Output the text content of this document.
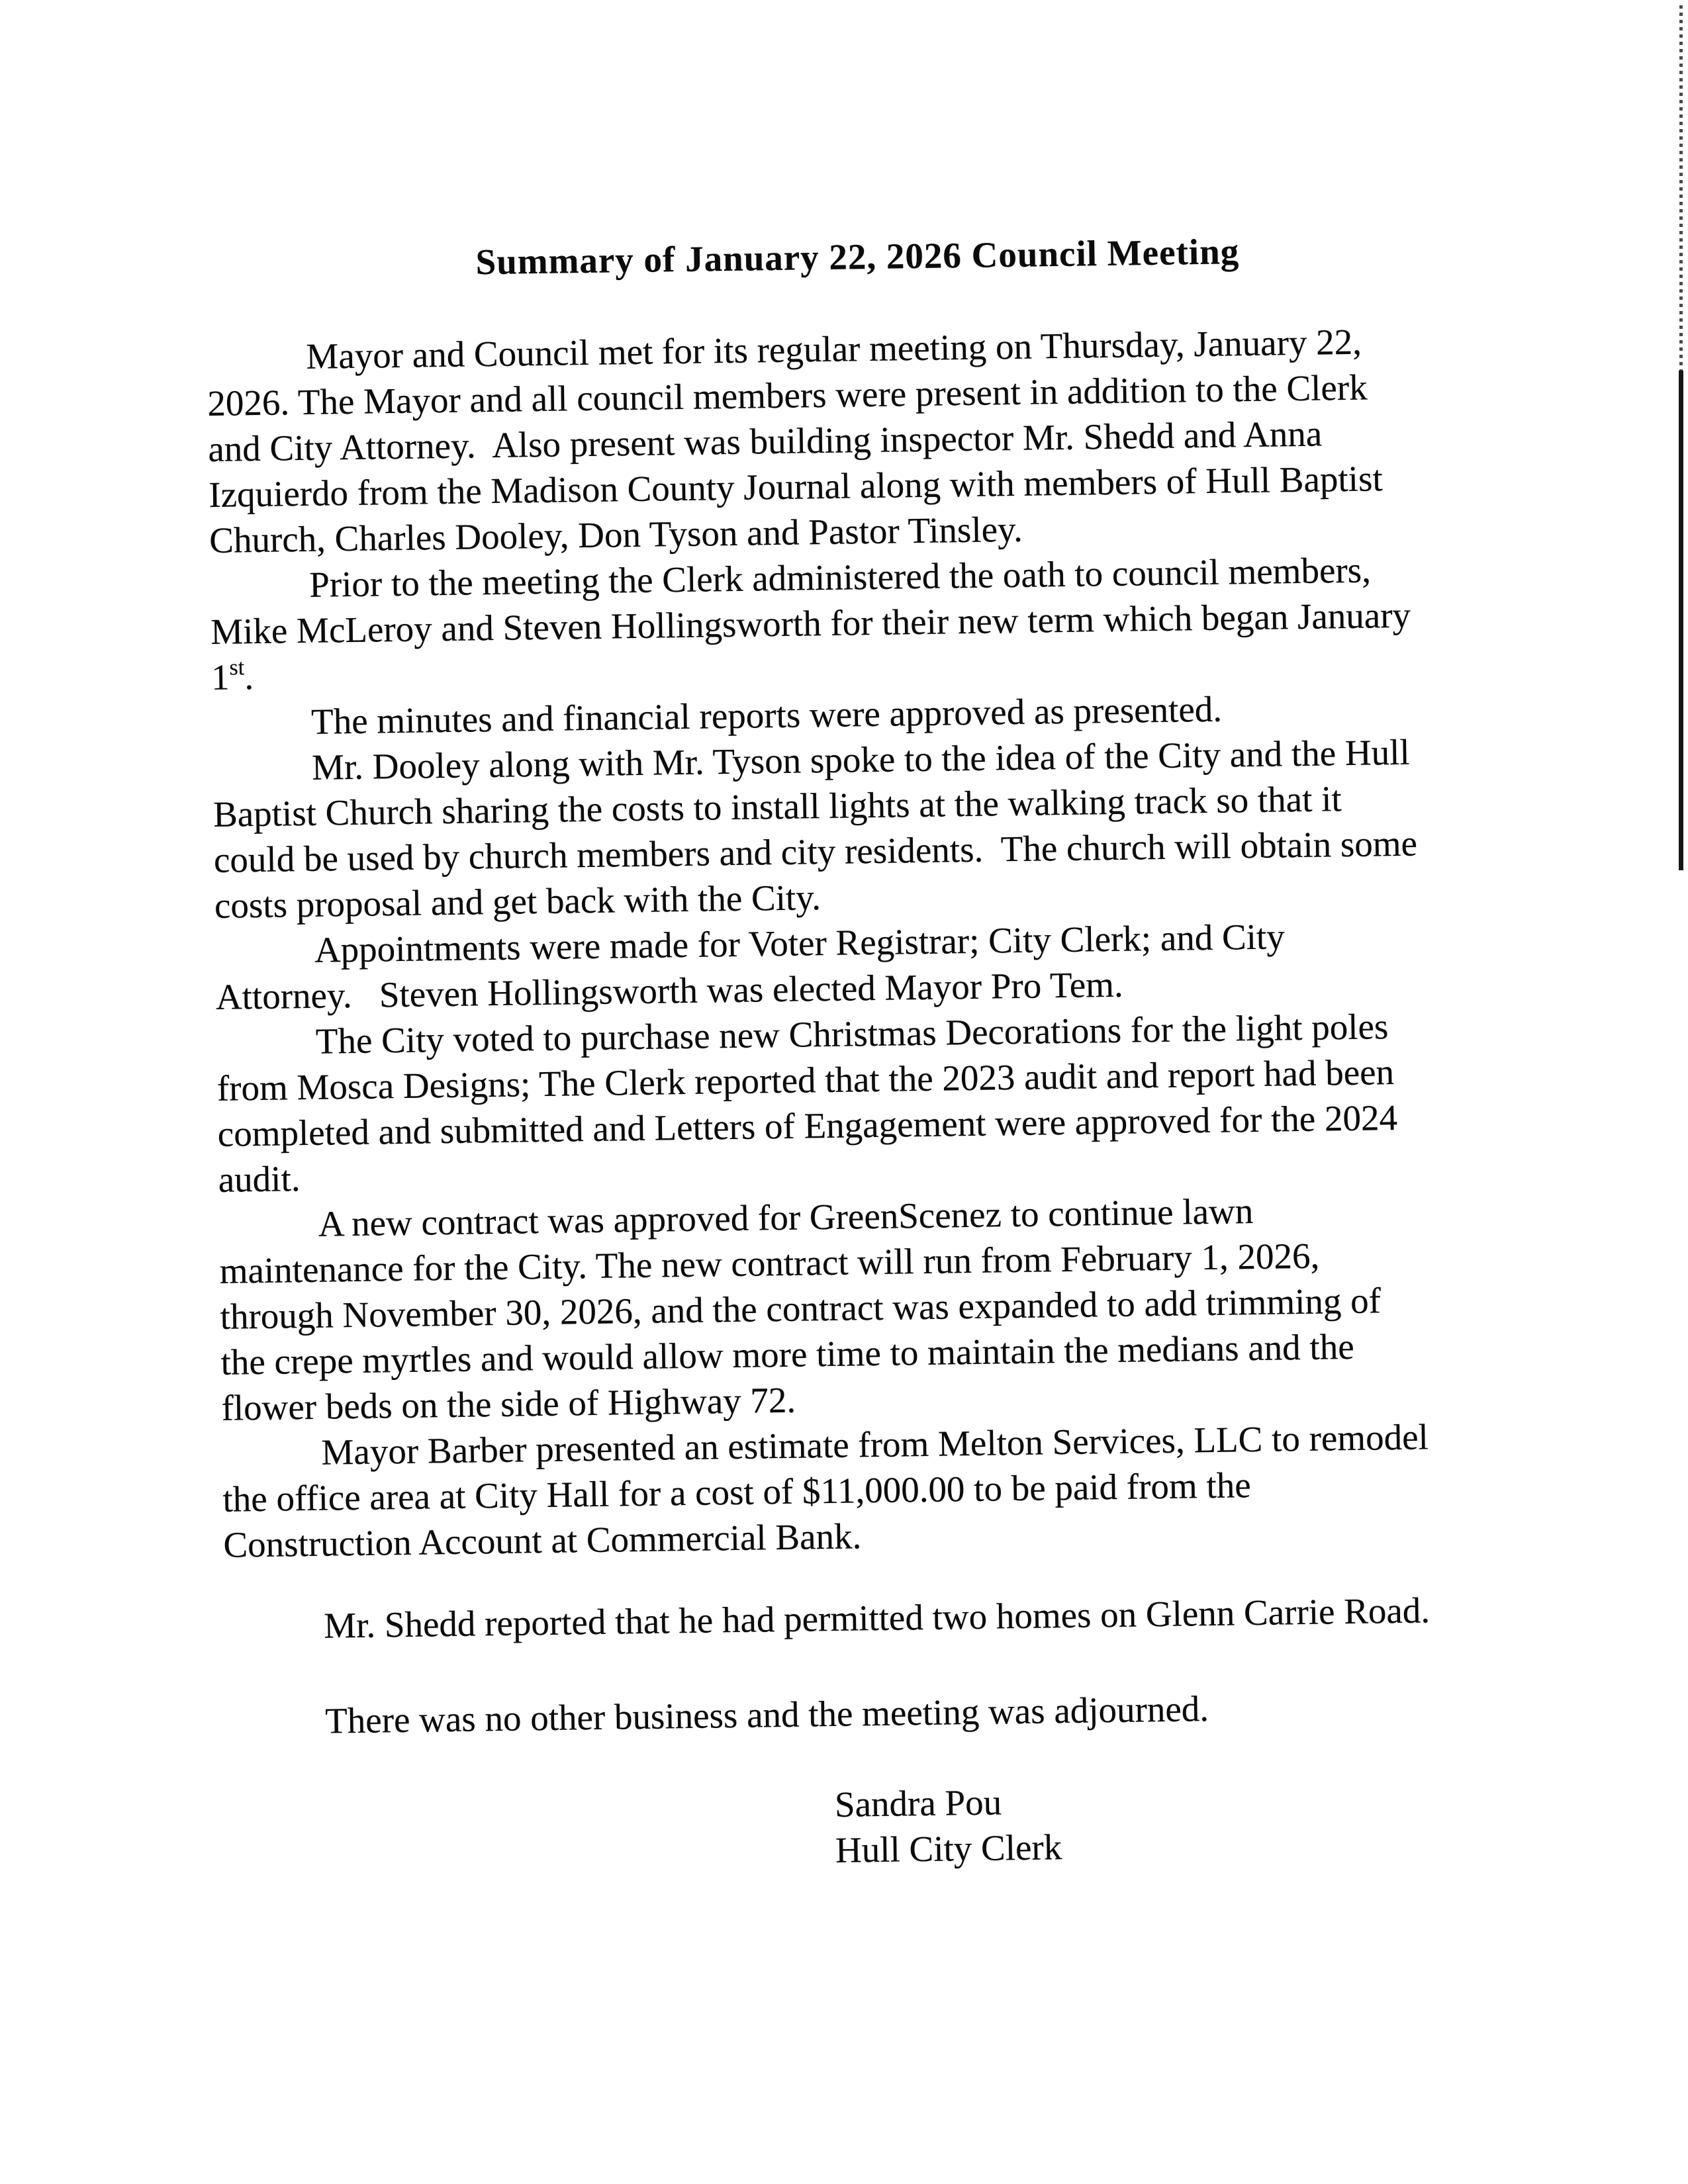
Summary of January 22, 2026 Council Meeting
Mayor and Council met for its regular meeting on Thursday, January 22,
2026. The Mayor and all council members were present in addition to the Clerk
and City Attorney.  Also present was building inspector Mr. Shedd and Anna
Izquierdo from the Madison County Journal along with members of Hull Baptist
Church, Charles Dooley, Don Tyson and Pastor Tinsley.
Prior to the meeting the Clerk administered the oath to council members,
Mike McLeroy and Steven Hollingsworth for their new term which began January
1st.
The minutes and financial reports were approved as presented.
Mr. Dooley along with Mr. Tyson spoke to the idea of the City and the Hull
Baptist Church sharing the costs to install lights at the walking track so that it
could be used by church members and city residents.  The church will obtain some
costs proposal and get back with the City.
Appointments were made for Voter Registrar; City Clerk; and City
Attorney.   Steven Hollingsworth was elected Mayor Pro Tem.
The City voted to purchase new Christmas Decorations for the light poles
from Mosca Designs; The Clerk reported that the 2023 audit and report had been
completed and submitted and Letters of Engagement were approved for the 2024
audit.
A new contract was approved for GreenScenez to continue lawn
maintenance for the City. The new contract will run from February 1, 2026,
through November 30, 2026, and the contract was expanded to add trimming of
the crepe myrtles and would allow more time to maintain the medians and the
flower beds on the side of Highway 72.
Mayor Barber presented an estimate from Melton Services, LLC to remodel
the office area at City Hall for a cost of $11,000.00 to be paid from the
Construction Account at Commercial Bank.
Mr. Shedd reported that he had permitted two homes on Glenn Carrie Road.
There was no other business and the meeting was adjourned.
Sandra Pou
Hull City Clerk
